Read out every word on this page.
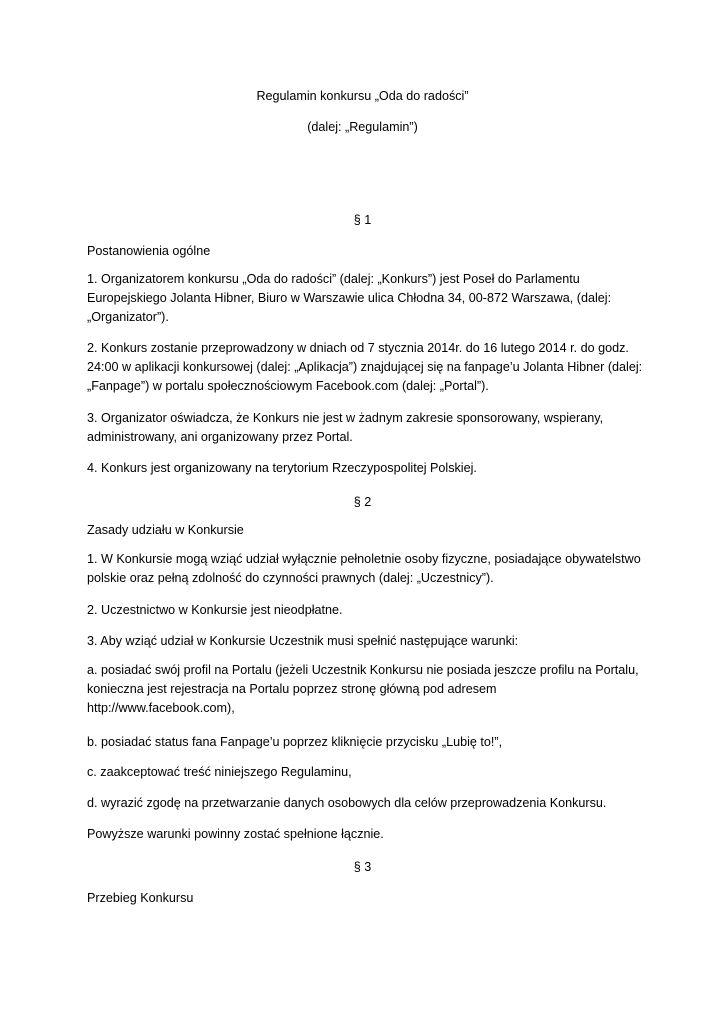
Regulamin konkursu „Oda do radości”

(dalej: „Regulamin”)

§ 1

Postanowienia ogólne

1. Organizatorem konkursu „Oda do radości” (dalej: „Konkurs”) jest Poseł do Parlamentu
Europejskiego Jolanta Hibner, Biuro w Warszawie ulica Chłodna 34, 00-872 Warszawa, (dalej:
„Organizator”).

2. Konkurs zostanie przeprowadzony w dniach od 7 stycznia 2014r. do 16 lutego 2014 r. do godz.
24:00 w aplikacji konkursowej (dalej: „Aplikacja”) znajdującej się na fanpage’u Jolanta Hibner (dalej:
„Fanpage”) w portalu społecznościowym Facebook.com (dalej: „Portal”).

3. Organizator oświadcza, że Konkurs nie jest w żadnym zakresie sponsorowany, wspierany,
administrowany, ani organizowany przez Portal.

4. Konkurs jest organizowany na terytorium Rzeczypospolitej Polskiej.

§ 2

Zasady udziału w Konkursie

1. W Konkursie mogą wziąć udział wyłącznie pełnoletnie osoby fizyczne, posiadające obywatelstwo
polskie oraz pełną zdolność do czynności prawnych (dalej: „Uczestnicy”).

2. Uczestnictwo w Konkursie jest nieodpłatne.

3. Aby wziąć udział w Konkursie Uczestnik musi spełnić następujące warunki:

a. posiadać swój profil na Portalu (jeżeli Uczestnik Konkursu nie posiada jeszcze profilu na Portalu,
konieczna jest rejestracja na Portalu poprzez stronę główną pod adresem
http://www.facebook.com),

b. posiadać status fana Fanpage’u poprzez kliknięcie przycisku „Lubię to!”,

c. zaakceptować treść niniejszego Regulaminu,

d. wyrazić zgodę na przetwarzanie danych osobowych dla celów przeprowadzenia Konkursu.

Powyższe warunki powinny zostać spełnione łącznie.

§ 3

Przebieg Konkursu
